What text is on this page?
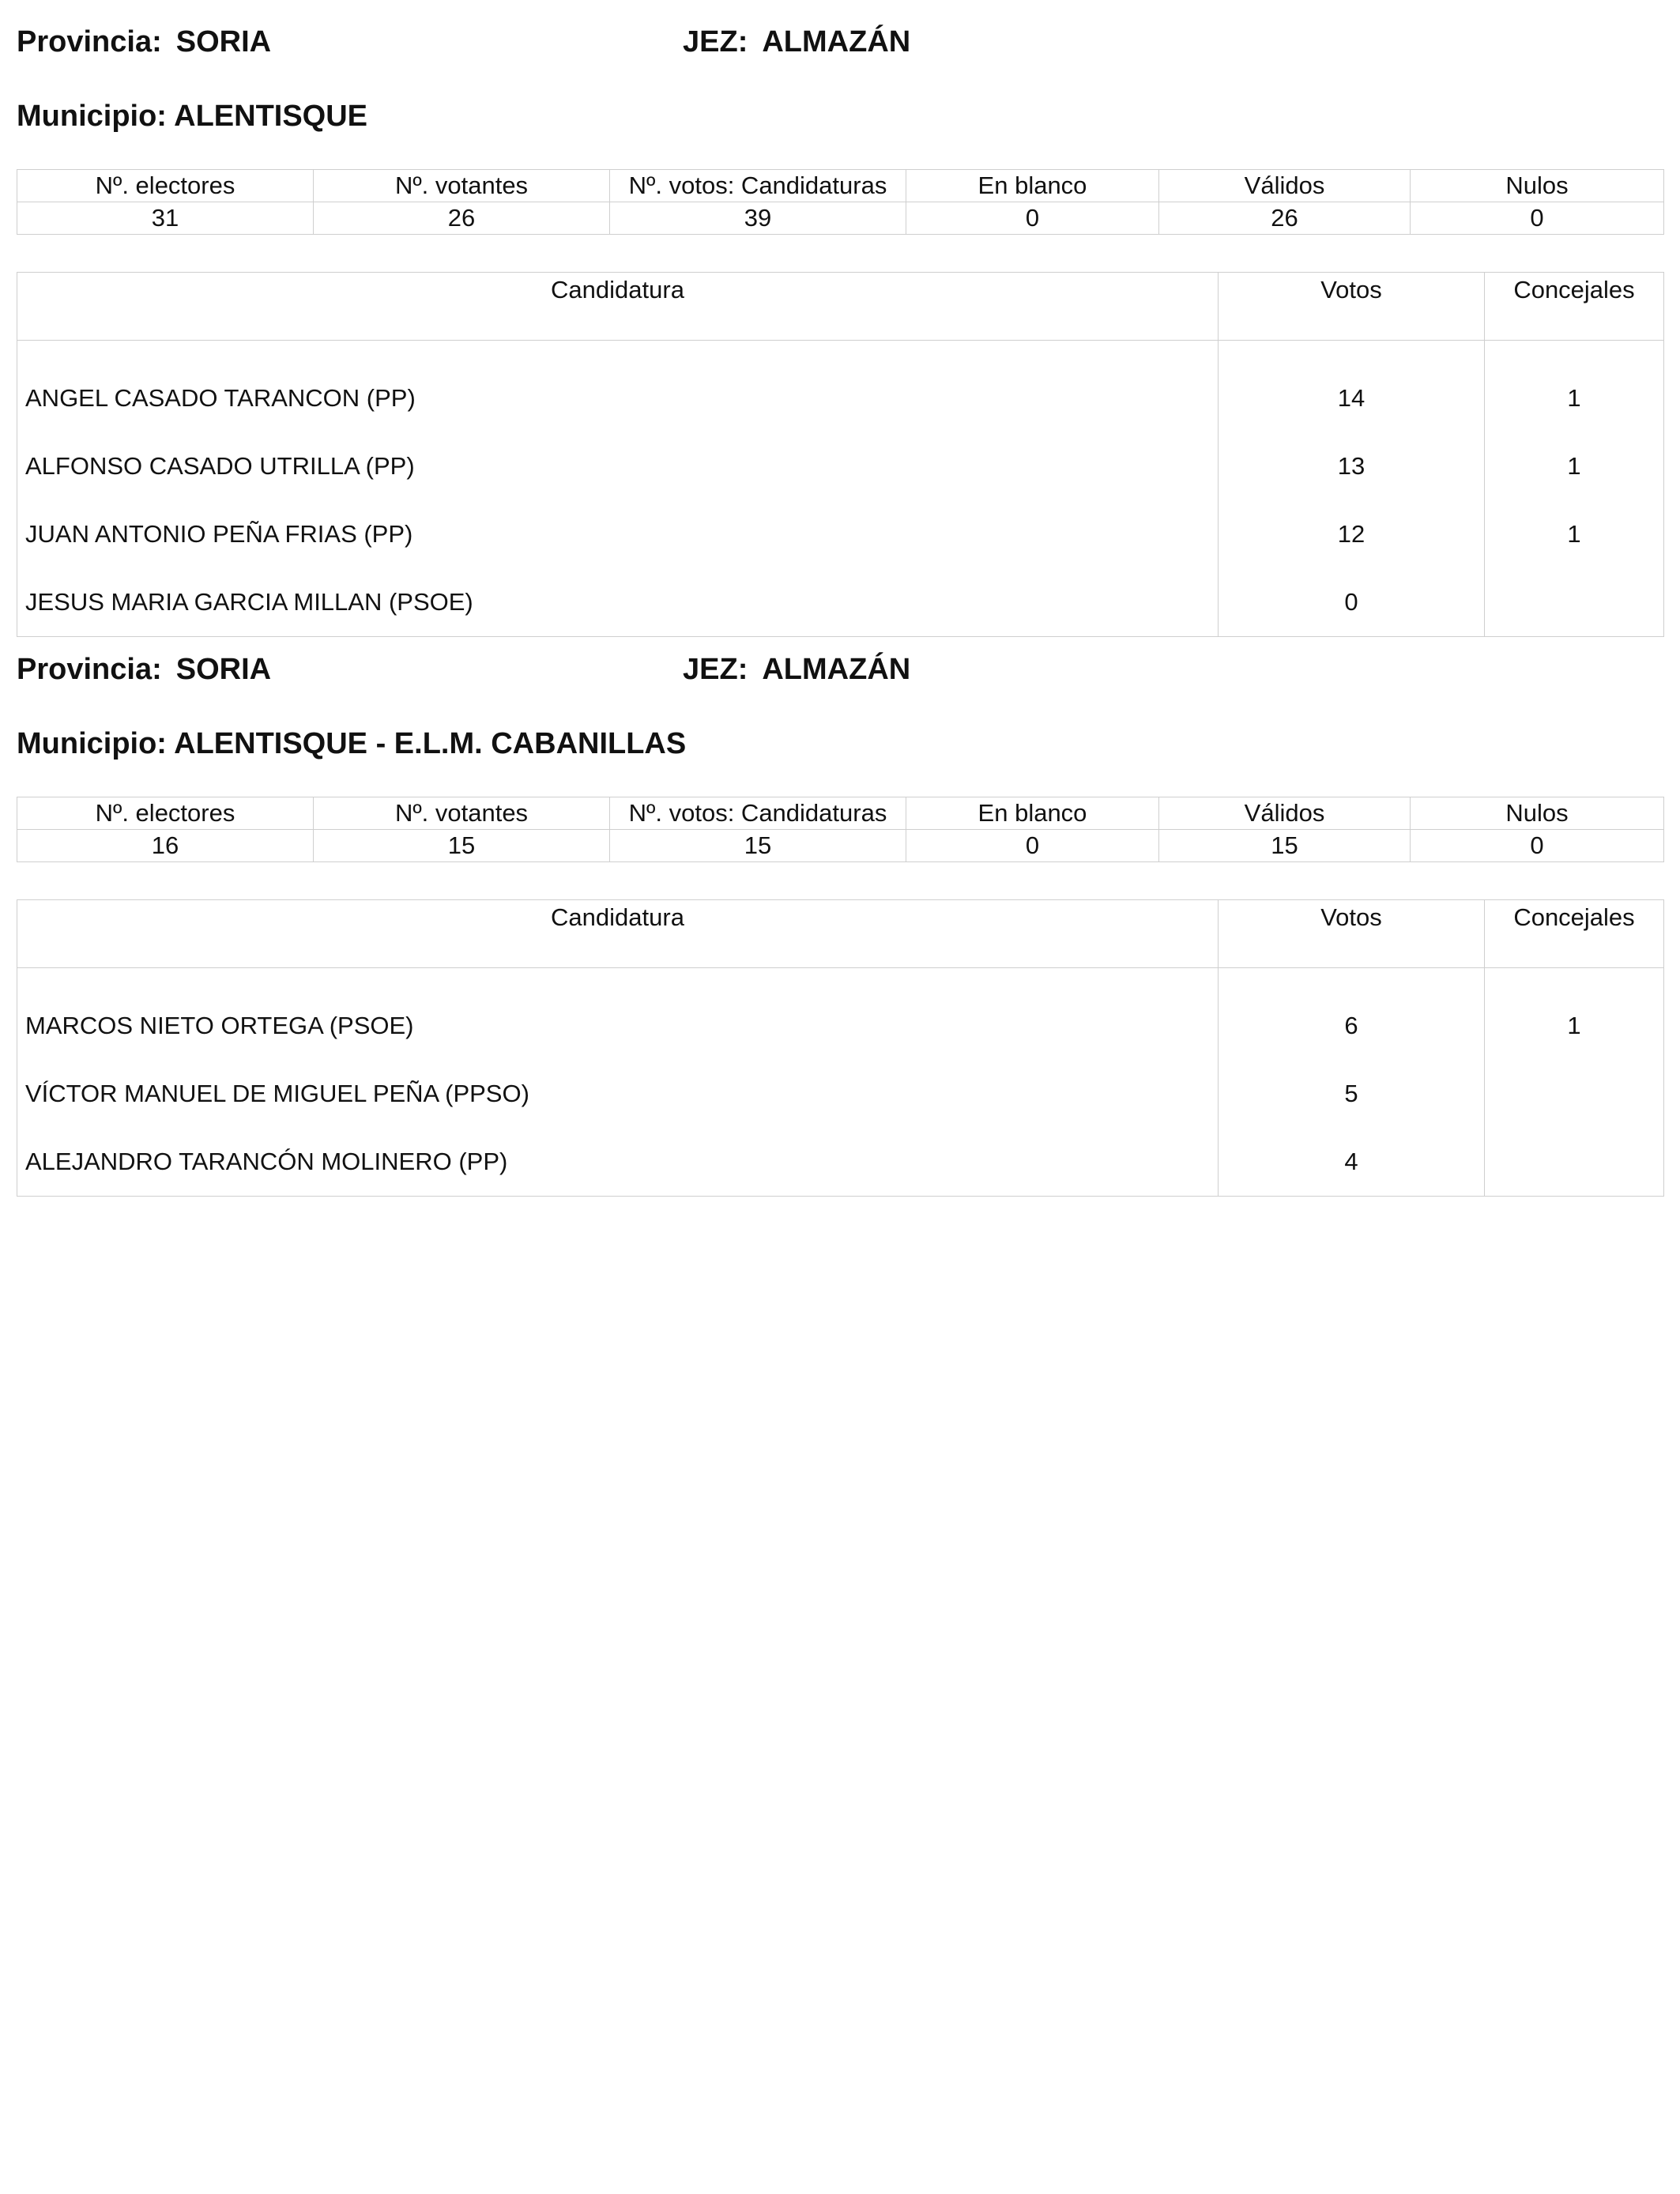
Provincia: SORIA	JEZ: ALMAZÁN
Municipio: ALENTISQUE
Nº. electores	Nº. votantes	Nº. votos: Candidaturas	En blanco	Válidos	Nulos
31	26	39	0	26	0
Candidatura	Votos	Concejales
ANGEL CASADO TARANCON (PP)	14	1
ALFONSO CASADO UTRILLA (PP)	13	1
JUAN ANTONIO PEÑA FRIAS (PP)	12	1
JESUS MARIA GARCIA MILLAN (PSOE)	0	
Provincia: SORIA	JEZ: ALMAZÁN
Municipio: ALENTISQUE - E.L.M. CABANILLAS
Nº. electores	Nº. votantes	Nº. votos: Candidaturas	En blanco	Válidos	Nulos
16	15	15	0	15	0
Candidatura	Votos	Concejales
MARCOS NIETO ORTEGA (PSOE)	6	1
VÍCTOR MANUEL DE MIGUEL PEÑA (PPSO)	5	
ALEJANDRO TARANCÓN MOLINERO (PP)	4	
